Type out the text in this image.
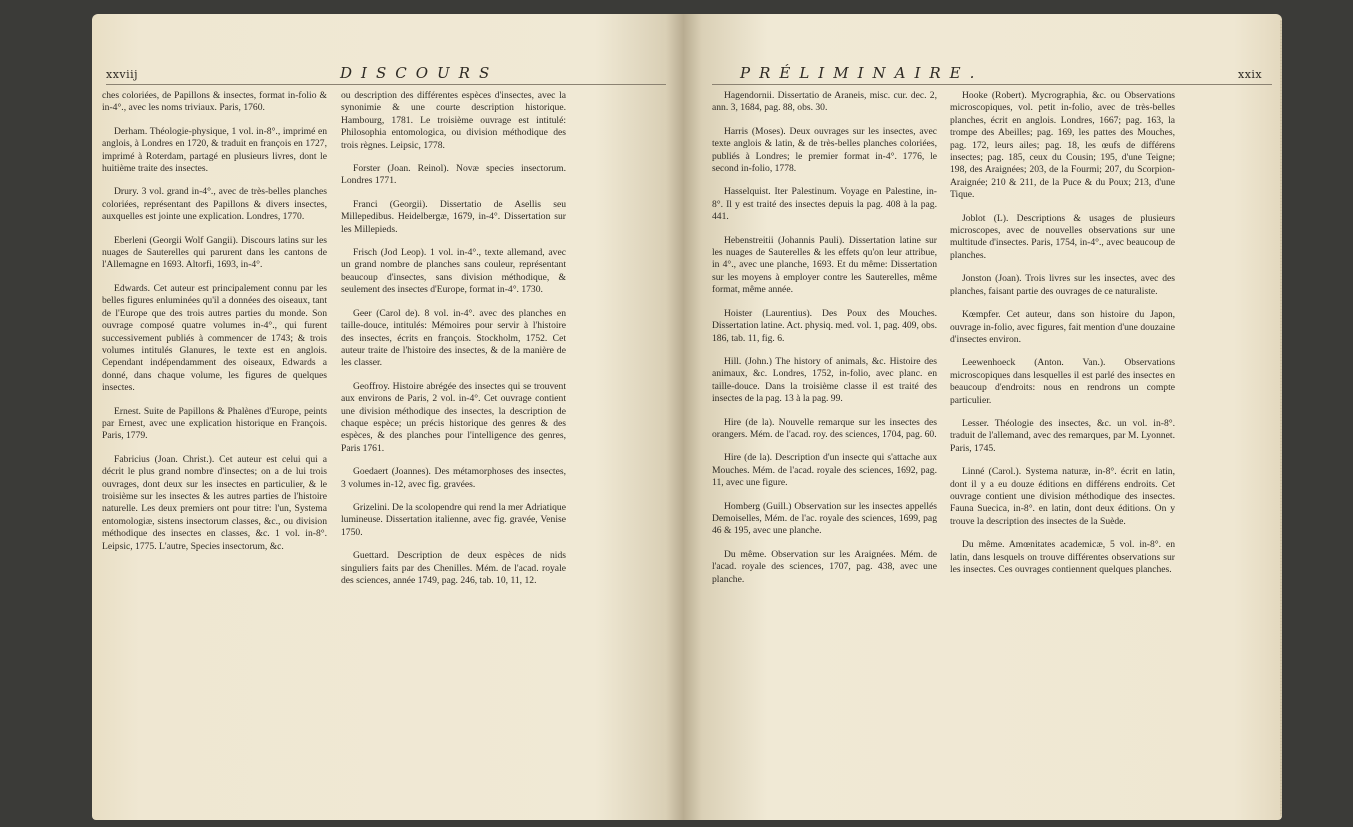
xxviij	DISCOURS

ches coloriées, de Papillons & insectes, format in-folio & in-4°., avec les noms triviaux. Paris, 1760.

Derham. Théologie-physique, 1 vol. in-8°., imprimé en anglois, à Londres en 1720, & traduit en françois en 1727, imprimé à Roterdam, partagé en plusieurs livres, dont le huitième traite des insectes.

Drury. 3 vol. grand in-4°., avec de très-belles planches coloriées, représentant des Papillons & divers insectes, auxquelles est jointe une explication. Londres, 1770.

Eberleni (Georgii Wolf Gangii). Discours latins sur les nuages de Sauterelles qui parurent dans les cantons de l'Allemagne en 1693. Altorfi, 1693, in-4°.

Edwards. Cet auteur est principalement connu par les belles figures enluminées qu'il a données des oiseaux, tant de l'Europe que des trois autres parties du monde. Son ouvrage composé quatre volumes in-4°., qui furent successivement publiés à commencer de 1743; & trois volumes intitulés Glanures, le texte est en anglois. Cependant indépendamment des oiseaux, Edwards a donné, dans chaque volume, les figures de quelques insectes.

Ernest. Suite de Papillons & Phalènes d'Europe, peints par Ernest, avec une explication historique en François. Paris, 1779.

Fabricius (Joan. Christ.). Cet auteur est celui qui a décrit le plus grand nombre d'insectes; on a de lui trois ouvrages, dont deux sur les insectes en particulier, & le troisième sur les insectes & les autres parties de l'histoire naturelle. Les deux premiers ont pour titre: l'un, Systema entomologiæ, sistens insectorum classes, &c., ou division méthodique des insectes en classes, &c. 1 vol. in-8°. Leipsic, 1775. L'autre, Species insectorum, &c.

ou description des différentes espèces d'insectes, avec la synonimie & une courte description historique. Hambourg, 1781. Le troisième ouvrage est intitulé: Philosophia entomologica, ou division méthodique des trois règnes. Leipsic, 1778.

Forster (Joan. Reinol). Novæ species insectorum. Londres 1771.

Franci (Georgii). Dissertatio de Asellis seu Millepedibus. Heidelbergæ, 1679, in-4°. Dissertation sur les Millepieds.

Frisch (Jod Leop). 1 vol. in-4°., texte allemand, avec un grand nombre de planches sans couleur, représentant beaucoup d'insectes, sans division méthodique, & seulement des insectes d'Europe, format in-4°. 1730.

Geer (Carol de). 8 vol. in-4°. avec des planches en taille-douce, intitulés: Mémoires pour servir à l'histoire des insectes, écrits en françois. Stockholm, 1752. Cet auteur traite de l'histoire des insectes, & de la manière de les classer.

Geoffroy. Histoire abrégée des insectes qui se trouvent aux environs de Paris, 2 vol. in-4°. Cet ouvrage contient une division méthodique des insectes, la description de chaque espèce; un précis historique des genres & des espèces, & des planches pour l'intelligence des genres, Paris 1761.

Goedaert (Joannes). Des métamorphoses des insectes, 3 volumes in-12, avec fig. gravées.

Grizelini. De la scolopendre qui rend la mer Adriatique lumineuse. Dissertation italienne, avec fig. gravée, Venise 1750.

Guettard. Description de deux espèces de nids singuliers faits par des Chenilles. Mém. de l'acad. royale des sciences, année 1749, pag. 246, tab. 10, 11, 12.

PRÉLIMINAIRE.	xxix

Hagendornii. Dissertatio de Araneis, misc. cur. dec. 2, ann. 3, 1684, pag. 88, obs. 30.

Harris (Moses). Deux ouvrages sur les insectes, avec texte anglois & latin, & de très-belles planches coloriées, publiés à Londres; le premier format in-4°. 1776, le second in-folio, 1778.

Hasselquist. Iter Palestinum. Voyage en Palestine, in-8°. Il y est traité des insectes depuis la pag. 408 à la pag. 441.

Hebenstreitii (Johannis Pauli). Dissertation latine sur les nuages de Sauterelles & les effets qu'on leur attribue, in 4°., avec une planche, 1693. Et du même: Dissertation sur les moyens à employer contre les Sauterelles, même format, même année.

Hoister (Laurentius). Des Poux des Mouches. Dissertation latine. Act. physiq. med. vol. 1, pag. 409, obs. 186, tab. 11, fig. 6.

Hill. (John.) The history of animals, &c. Histoire des animaux, &c. Londres, 1752, in-folio, avec planc. en taille-douce. Dans la troisième classe il est traité des insectes de la pag. 13 à la pag. 99.

Hire (de la). Nouvelle remarque sur les insectes des orangers. Mém. de l'acad. roy. des sciences, 1704, pag. 60.

Hire (de la). Description d'un insecte qui s'attache aux Mouches. Mém. de l'acad. royale des sciences, 1692, pag. 11, avec une figure.

Homberg (Guill.) Observation sur les insectes appellés Demoiselles, Mém. de l'ac. royale des sciences, 1699, pag 46 & 195, avec une planche.

Du même. Observation sur les Araignées. Mém. de l'acad. royale des sciences, 1707, pag. 438, avec une planche.

Hooke (Robert). Mycrographia, &c. ou Observations microscopiques, vol. petit in-folio, avec de très-belles planches, écrit en anglois. Londres, 1667; pag. 163, la trompe des Abeilles; pag. 169, les pattes des Mouches, pag. 172, leurs ailes; pag. 18, les œufs de différens insectes; pag. 185, ceux du Cousin; 195, d'une Teigne; 198, des Araignées; 203, de la Fourmi; 207, du Scorpion-Araignée; 210 & 211, de la Puce & du Poux; 213, d'une Tique.

Joblot (L). Descriptions & usages de plusieurs microscopes, avec de nouvelles observations sur une multitude d'insectes. Paris, 1754, in-4°., avec beaucoup de planches.

Jonston (Joan). Trois livres sur les insectes, avec des planches, faisant partie des ouvrages de ce naturaliste.

Kœmpfer. Cet auteur, dans son histoire du Japon, ouvrage in-folio, avec figures, fait mention d'une douzaine d'insectes environ.

Leewenhoeck (Anton. Van.). Observations microscopiques dans lesquelles il est parlé des insectes en beaucoup d'endroits: nous en rendrons un compte particulier.

Lesser. Théologie des insectes, &c. un vol. in-8°. traduit de l'allemand, avec des remarques, par M. Lyonnet. Paris, 1745.

Linné (Carol.). Systema naturæ, in-8°. écrit en latin, dont il y a eu douze éditions en différens endroits. Cet ouvrage contient une division méthodique des insectes. Fauna Suecica, in-8°. en latin, dont deux éditions. On y trouve la description des insectes de la Suède.

Du même. Amœnitates academicæ, 5 vol. in-8°. en latin, dans lesquels on trouve différentes observations sur les insectes. Ces ouvrages contiennent quelques planches.
